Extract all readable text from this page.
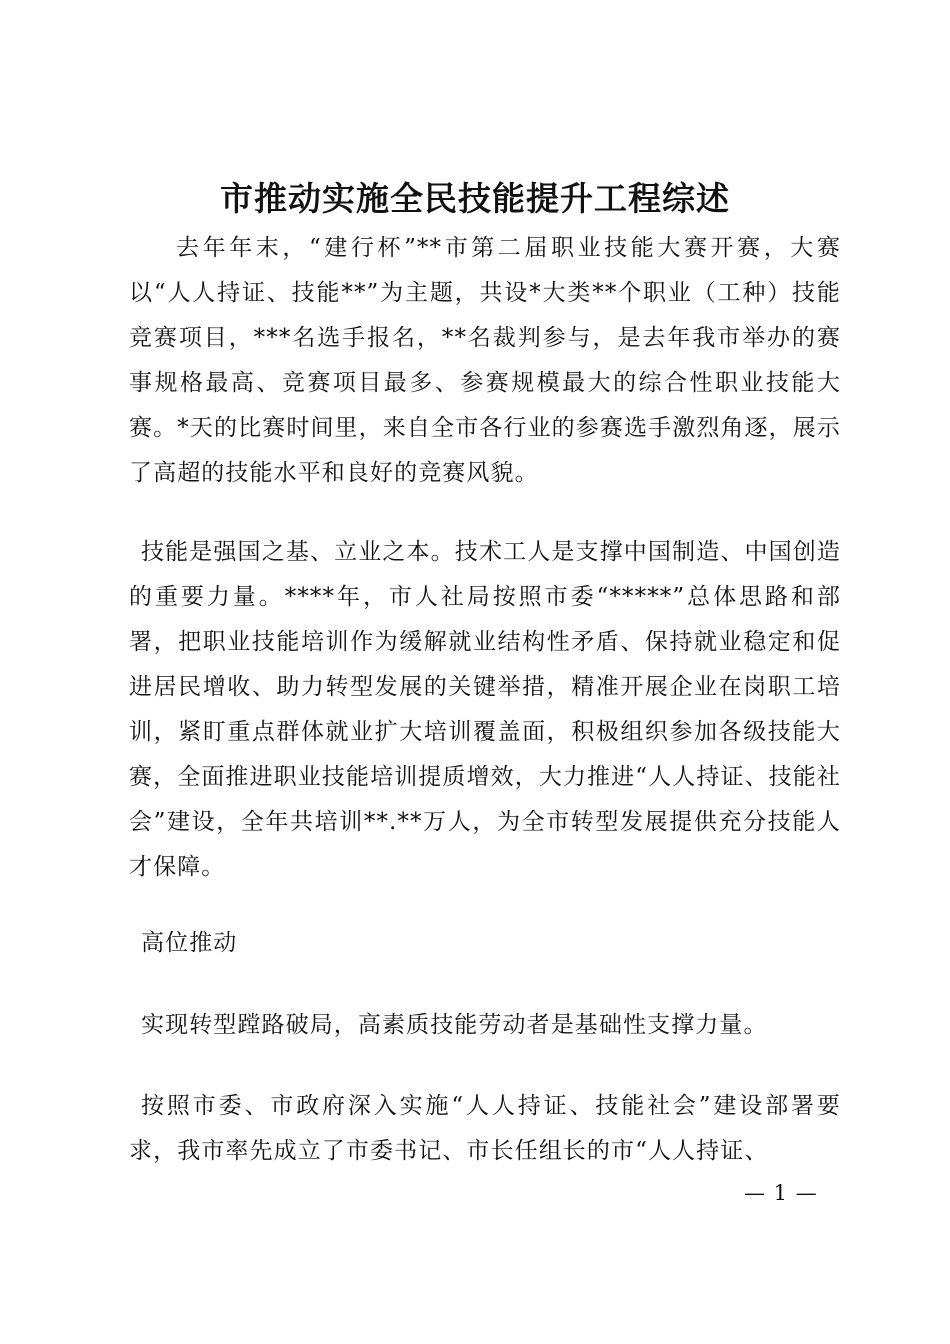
市推动实施全民技能提升工程综述

去年年末，“建行杯”**市第二届职业技能大赛开赛，大赛以“人人持证、技能**”为主题，共设*大类**个职业（工种）技能竞赛项目，***名选手报名，**名裁判参与，是去年我市举办的赛事规格最高、竞赛项目最多、参赛规模最大的综合性职业技能大赛。*天的比赛时间里，来自全市各行业的参赛选手激烈角逐，展示了高超的技能水平和良好的竞赛风貌。

技能是强国之基、立业之本。技术工人是支撑中国制造、中国创造的重要力量。****年，市人社局按照市委“*****”总体思路和部署，把职业技能培训作为缓解就业结构性矛盾、保持就业稳定和促进居民增收、助力转型发展的关键举措，精准开展企业在岗职工培训，紧盯重点群体就业扩大培训覆盖面，积极组织参加各级技能大赛，全面推进职业技能培训提质增效，大力推进“人人持证、技能社会”建设，全年共培训**.**万人，为全市转型发展提供充分技能人才保障。

高位推动

实现转型蹚路破局，高素质技能劳动者是基础性支撑力量。

按照市委、市政府深入实施“人人持证、技能社会”建设部署要求，我市率先成立了市委书记、市长任组长的市“人人持证、

— 1 —
